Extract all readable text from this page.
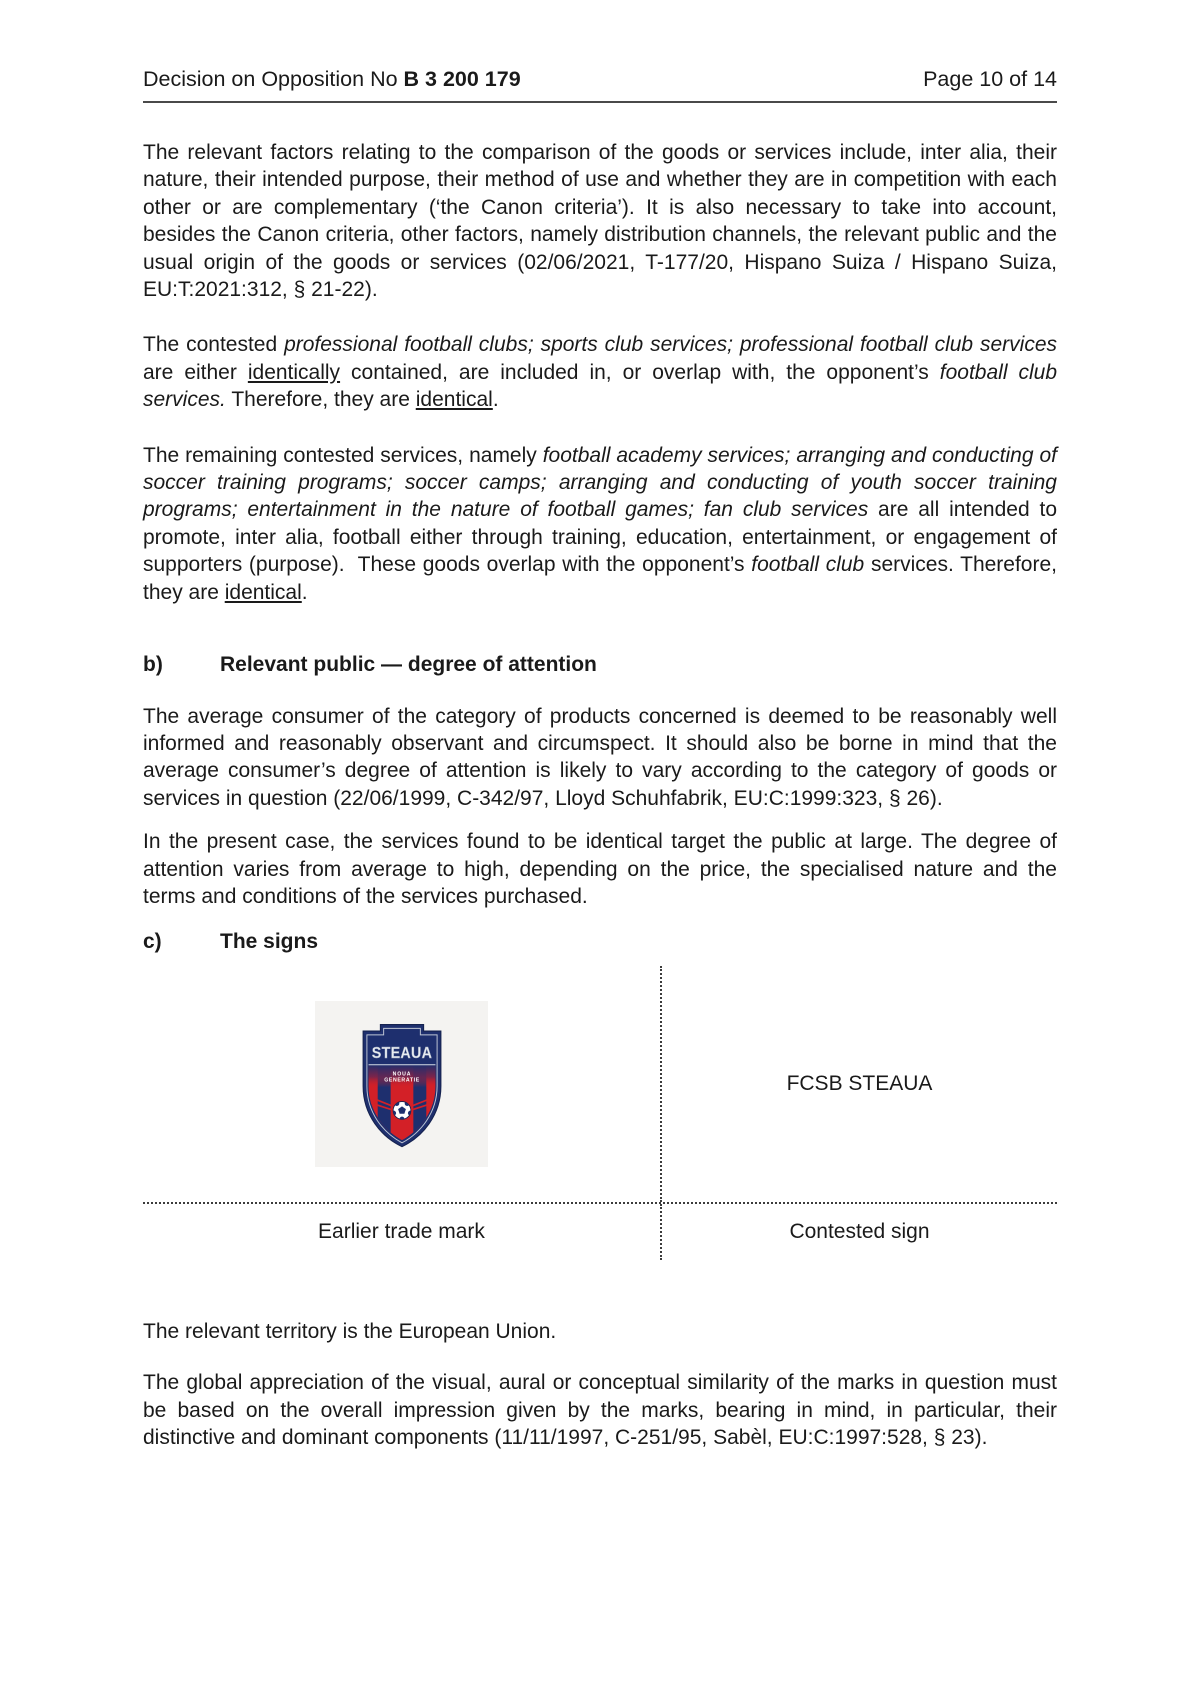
Decision on Opposition No B 3 200 179	Page 10 of 14

The relevant factors relating to the comparison of the goods or services include, inter alia, their nature, their intended purpose, their method of use and whether they are in competition with each other or are complementary (‘the Canon criteria’). It is also necessary to take into account, besides the Canon criteria, other factors, namely distribution channels, the relevant public and the usual origin of the goods or services (02/06/2021, T-177/20, Hispano Suiza / Hispano Suiza, EU:T:2021:312, § 21-22).

The contested professional football clubs; sports club services; professional football club services are either identically contained, are included in, or overlap with, the opponent’s football club services. Therefore, they are identical.

The remaining contested services, namely football academy services; arranging and conducting of soccer training programs; soccer camps; arranging and conducting of youth soccer training programs; entertainment in the nature of football games; fan club services are all intended to promote, inter alia, football either through training, education, entertainment, or engagement of supporters (purpose).  These goods overlap with the opponent’s football club services. Therefore, they are identical.

b)	Relevant public — degree of attention

The average consumer of the category of products concerned is deemed to be reasonably well informed and reasonably observant and circumspect. It should also be borne in mind that the average consumer’s degree of attention is likely to vary according to the category of goods or services in question (22/06/1999, C-342/97, Lloyd Schuhfabrik, EU:C:1999:323, § 26).

In the present case, the services found to be identical target the public at large. The degree of attention varies from average to high, depending on the price, the specialised nature and the terms and conditions of the services purchased.

c)	The signs
STEAUA
NOUA
GENERATIE	FCSB STEAUA
Earlier trade mark	Contested sign

The relevant territory is the European Union.

The global appreciation of the visual, aural or conceptual similarity of the marks in question must be based on the overall impression given by the marks, bearing in mind, in particular, their distinctive and dominant components (11/11/1997, C-251/95, Sabèl, EU:C:1997:528, § 23).
